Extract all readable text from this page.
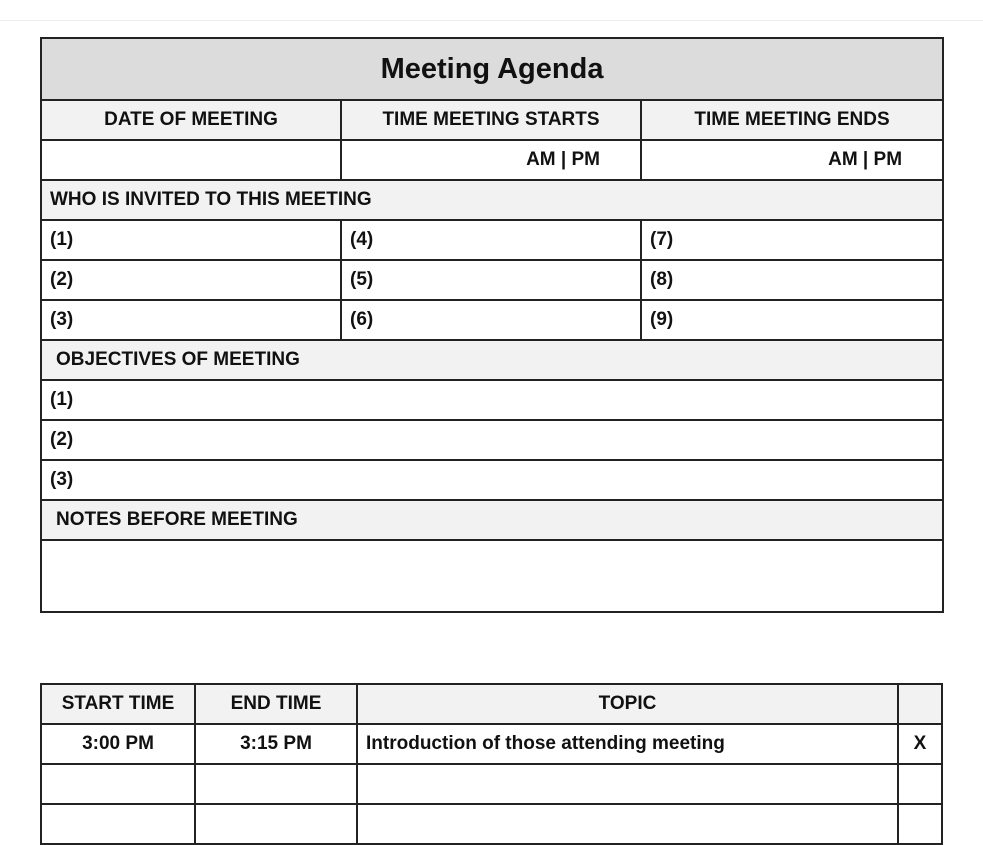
Meeting Agenda		
DATE OF MEETING	TIME MEETING STARTS	TIME MEETING ENDS
	AM | PM	AM | PM
WHO IS INVITED TO THIS MEETING		
(1)	(4)	(7)
(2)	(5)	(8)
(3)	(6)	(9)
OBJECTIVES OF MEETING		
(1)		
(2)		
(3)		
NOTES BEFORE MEETING		

START TIME	END TIME	TOPIC	
3:00 PM	3:15 PM	Introduction of those attending meeting	X
